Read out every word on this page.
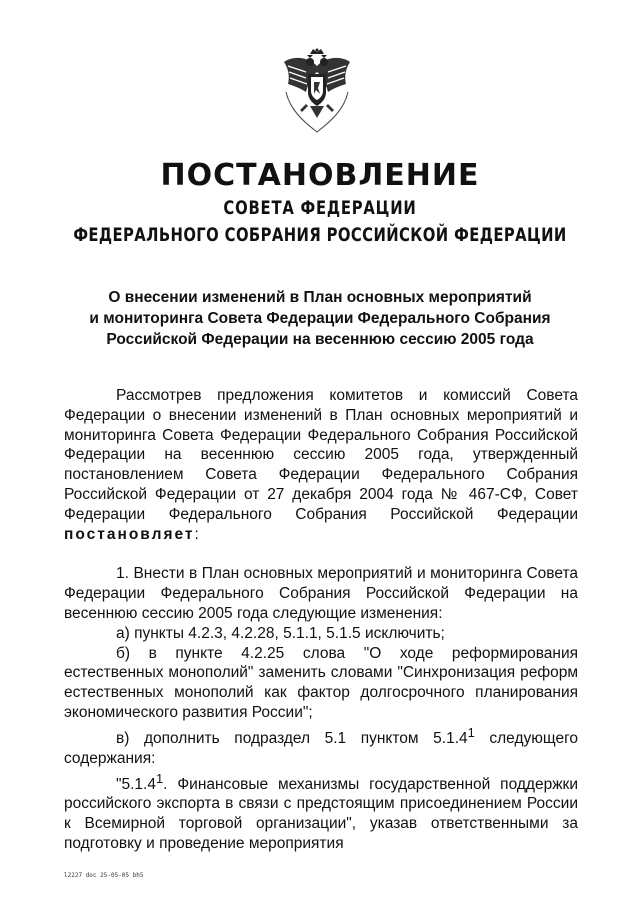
ПОСТАНОВЛЕНИЕ
СОВЕТА ФЕДЕРАЦИИ
ФЕДЕРАЛЬНОГО СОБРАНИЯ РОССИЙСКОЙ ФЕДЕРАЦИИ
О внесении изменений в План основных мероприятий
и мониторинга Совета Федерации Федерального Собрания
Российской Федерации на весеннюю сессию 2005 года

Рассмотрев предложения комитетов и комиссий Совета Федерации о внесении изменений в План основных мероприятий и мониторинга Совета Федерации Федерального Собрания Российской Федерации на весеннюю сессию 2005 года, утвержденный постановлением Совета Федерации Федерального Собрания Российской Федерации от 27 декабря 2004 года № 467-СФ, Совет Федерации Федерального Собрания Российской Федерации постановляет:

1. Внести в План основных мероприятий и мониторинга Совета Федерации Федерального Собрания Российской Федерации на весеннюю сессию 2005 года следующие изменения:

а) пункты 4.2.3, 4.2.28, 5.1.1, 5.1.5 исключить;

б) в пункте 4.2.25 слова "О ходе реформирования естественных монополий" заменить словами "Синхронизация реформ естественных монополий как фактор долгосрочного планирования экономического развития России";

в) дополнить подраздел 5.1 пунктом 5.1.4$^1$ следующего содержания:

"5.1.4$^1$. Финансовые механизмы государственной поддержки российского экспорта в связи с предстоящим присоединением России к Всемирной торговой организации", указав ответственными за подготовку и проведение мероприятия

l2227 doc 25-05-05 bh5
